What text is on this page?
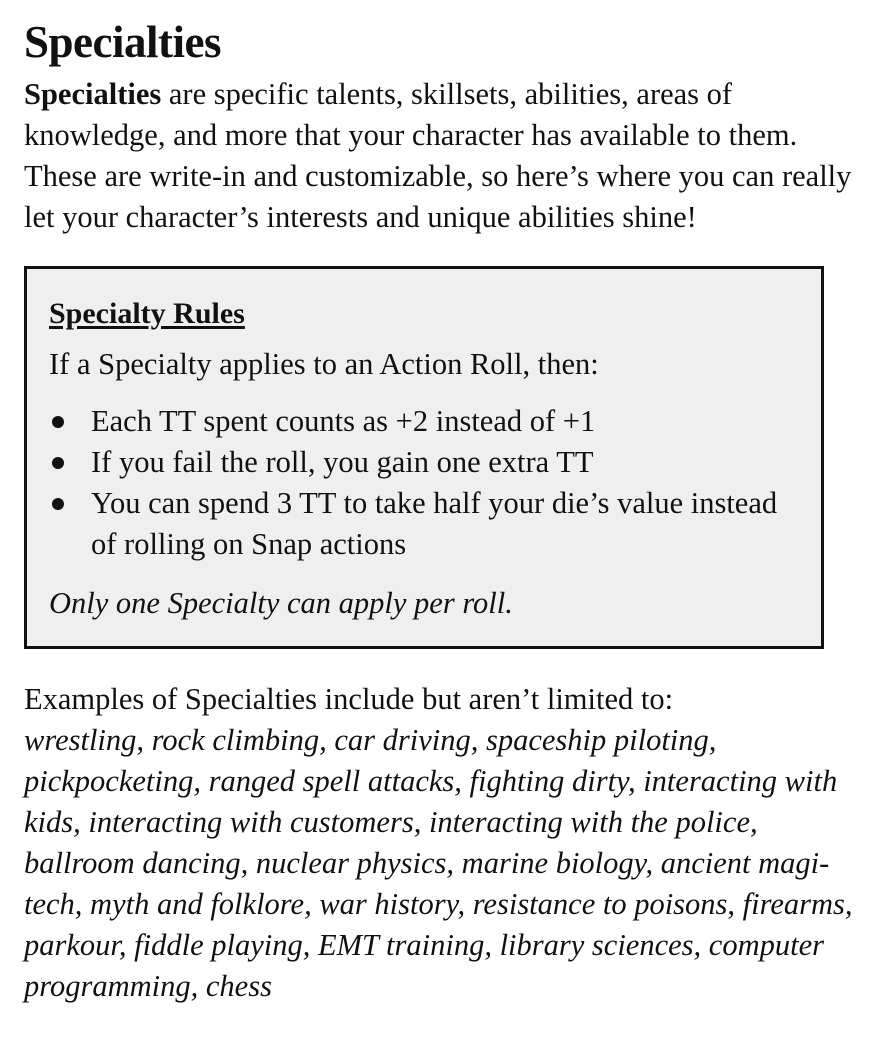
Specialties

Specialties are specific talents, skillsets, abilities, areas of knowledge, and more that your character has available to them. These are write-in and customizable, so here’s where you can really let your character’s interests and unique abilities shine!

Specialty Rules

If a Specialty applies to an Action Roll, then:

Each TT spent counts as +2 instead of +1
If you fail the roll, you gain one extra TT
You can spend 3 TT to take half your die’s value instead of rolling on Snap actions

Only one Specialty can apply per roll.

Examples of Specialties include but aren’t limited to:

wrestling, rock climbing, car driving, spaceship piloting, pickpocketing, ranged spell attacks, fighting dirty, interacting with kids, interacting with customers, interacting with the police, ballroom dancing, nuclear physics, marine biology, ancient magi-tech, myth and folklore, war history, resistance to poisons, firearms, parkour, fiddle playing, EMT training, library sciences, computer programming, chess
